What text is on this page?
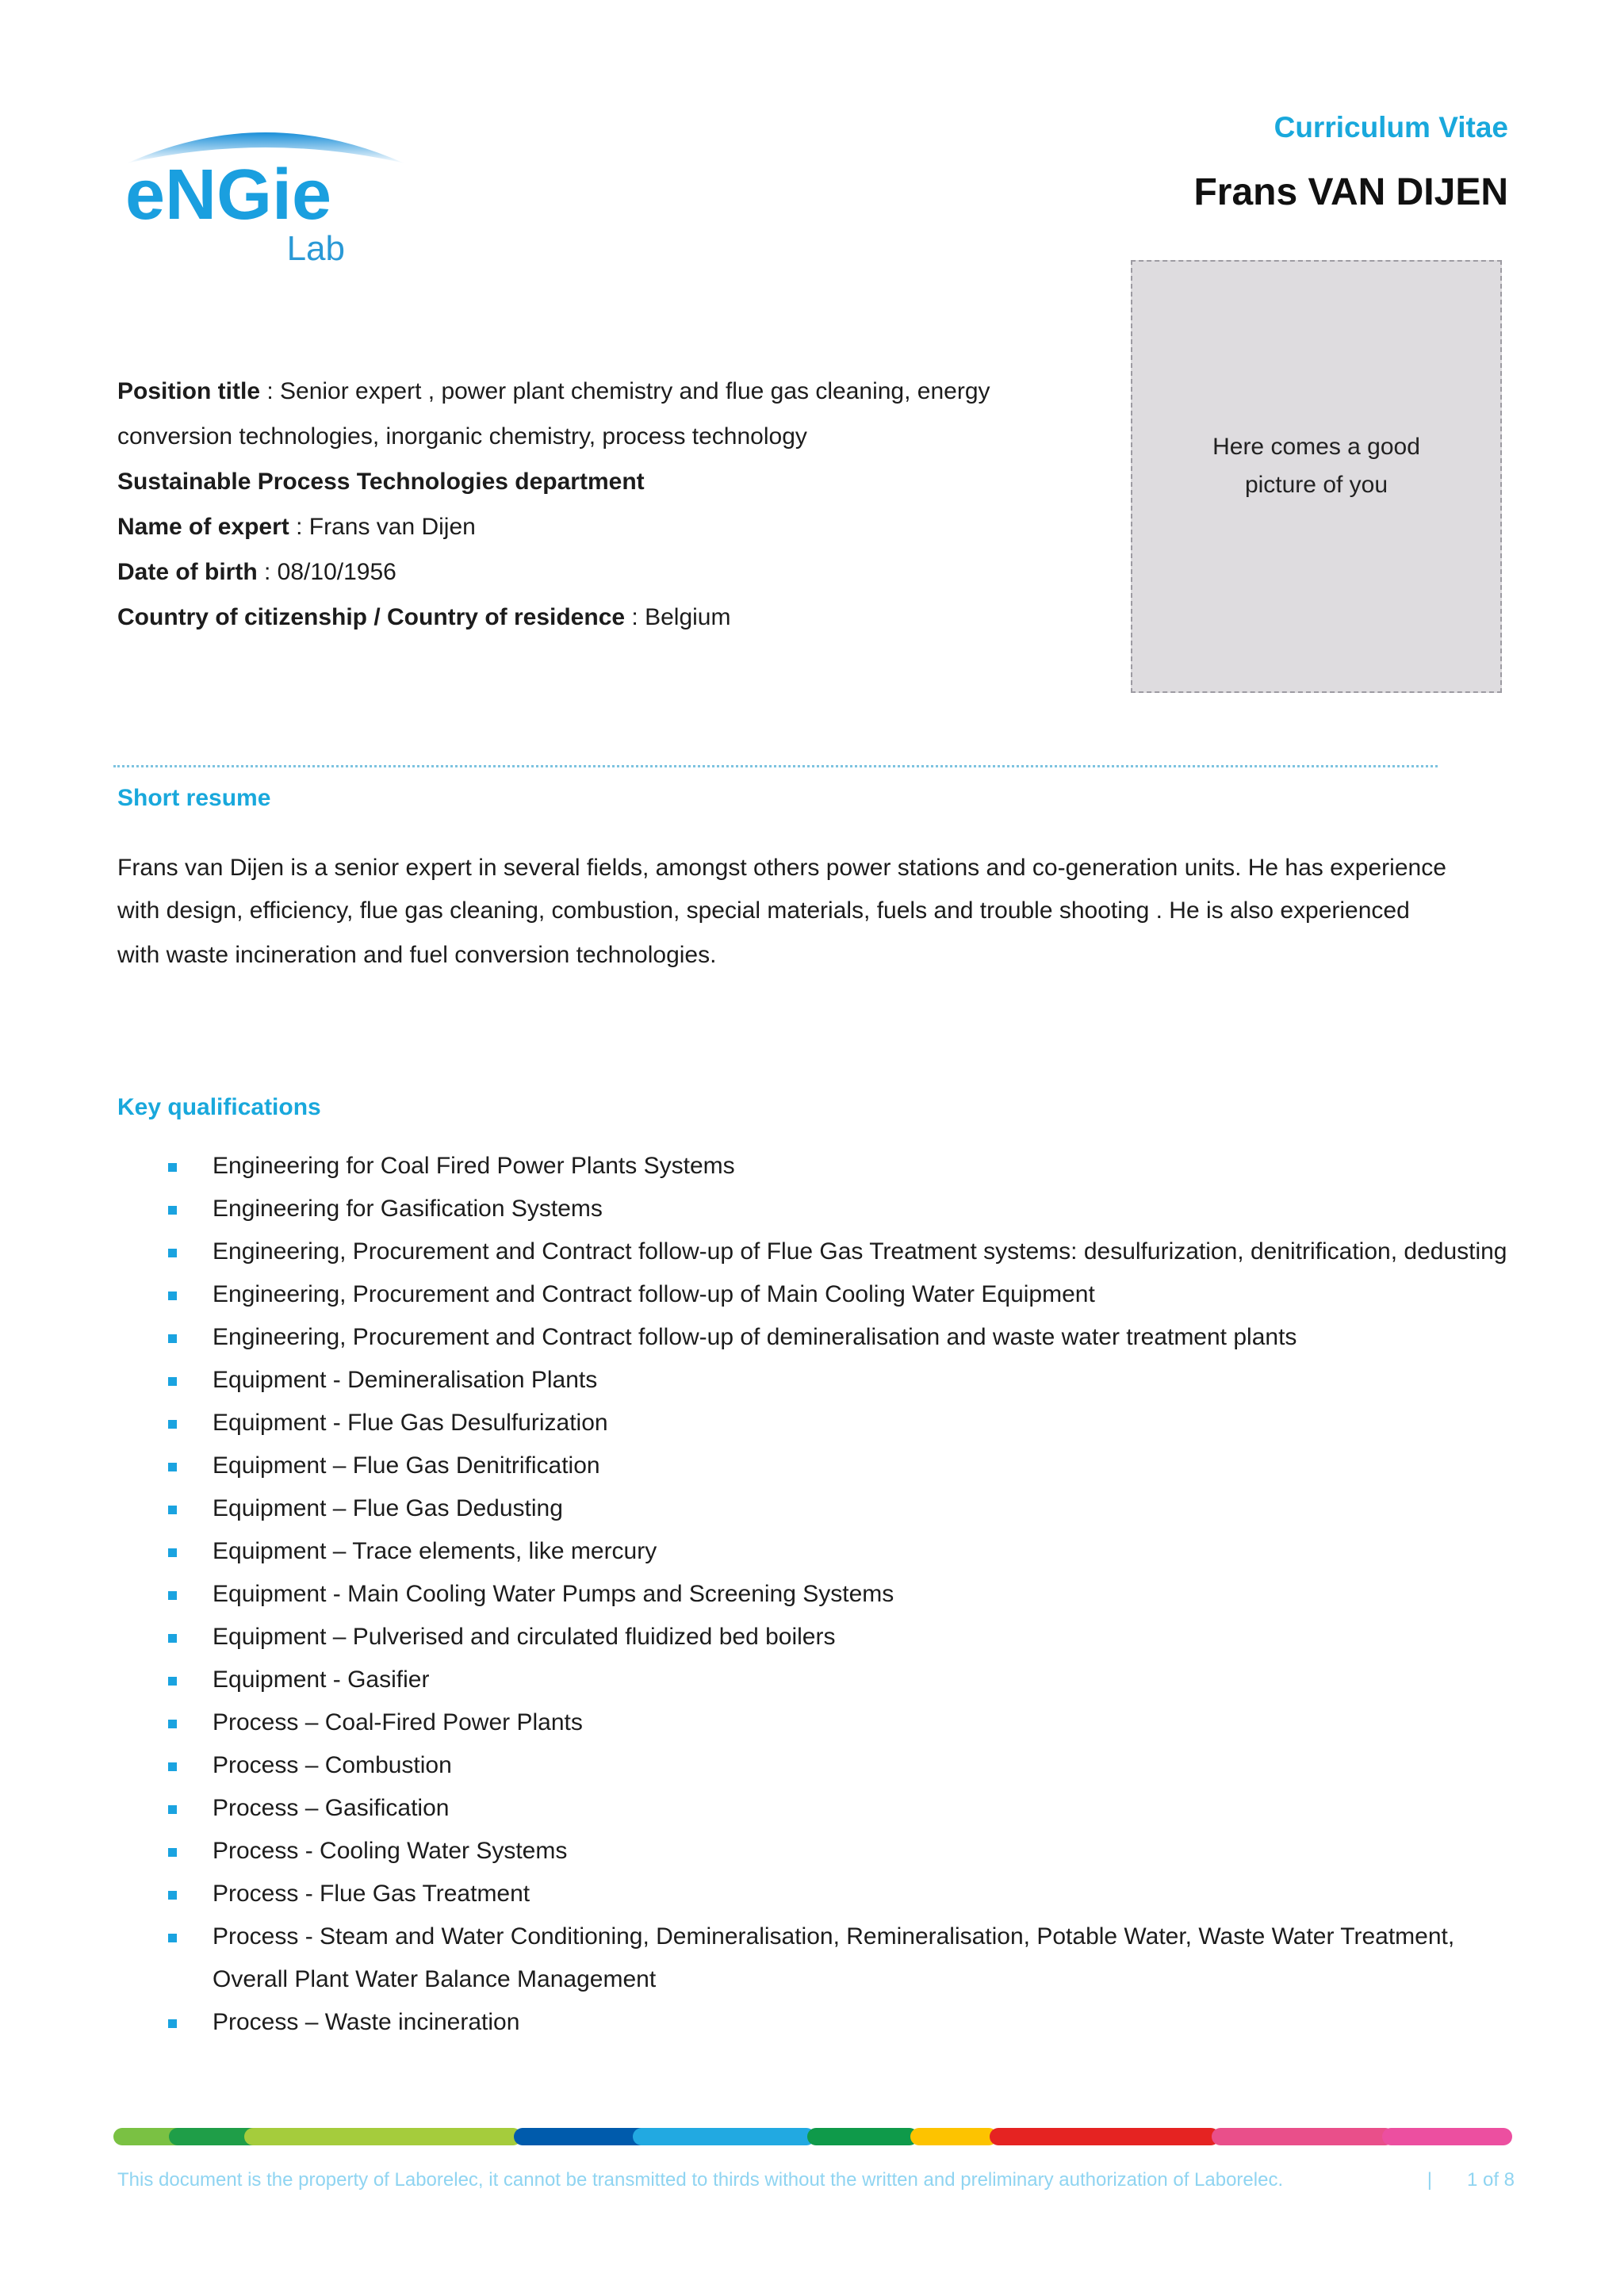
eNGie
Lab
Curriculum Vitae
Frans VAN DIJEN
Here comes a good picture of you
Position title : Senior expert , power plant chemistry and flue gas cleaning, energy
conversion technologies, inorganic chemistry, process technology
Sustainable Process Technologies department
Name of expert : Frans van Dijen
Date of birth : 08/10/1956
Country of citizenship / Country of residence : Belgium
Short resume

Frans van Dijen is a senior expert in several fields, amongst others power stations and co-generation units. He has experience

with design, efficiency, flue gas cleaning, combustion, special materials, fuels and trouble shooting . He is also experienced

with waste incineration and fuel conversion technologies.

Key qualifications
Engineering for Coal Fired Power Plants Systems
Engineering for Gasification Systems
Engineering, Procurement and Contract follow-up of Flue Gas Treatment systems: desulfurization, denitrification, dedusting
Engineering, Procurement and Contract follow-up of Main Cooling Water Equipment
Engineering, Procurement and Contract follow-up of demineralisation and waste water treatment plants
Equipment - Demineralisation Plants
Equipment - Flue Gas Desulfurization
Equipment – Flue Gas Denitrification
Equipment – Flue Gas Dedusting
Equipment – Trace elements, like mercury
Equipment - Main Cooling Water Pumps and Screening Systems
Equipment – Pulverised and circulated fluidized bed boilers
Equipment - Gasifier
Process – Coal-Fired Power Plants
Process – Combustion
Process – Gasification
Process - Cooling Water Systems
Process - Flue Gas Treatment
Process - Steam and Water Conditioning, Demineralisation, Remineralisation, Potable Water, Waste Water Treatment, Overall Plant Water Balance Management
Process – Waste incineration
This document is the property of Laborelec, it cannot be transmitted to thirds without the written and preliminary authorization of Laborelec.	| 1 of 8
